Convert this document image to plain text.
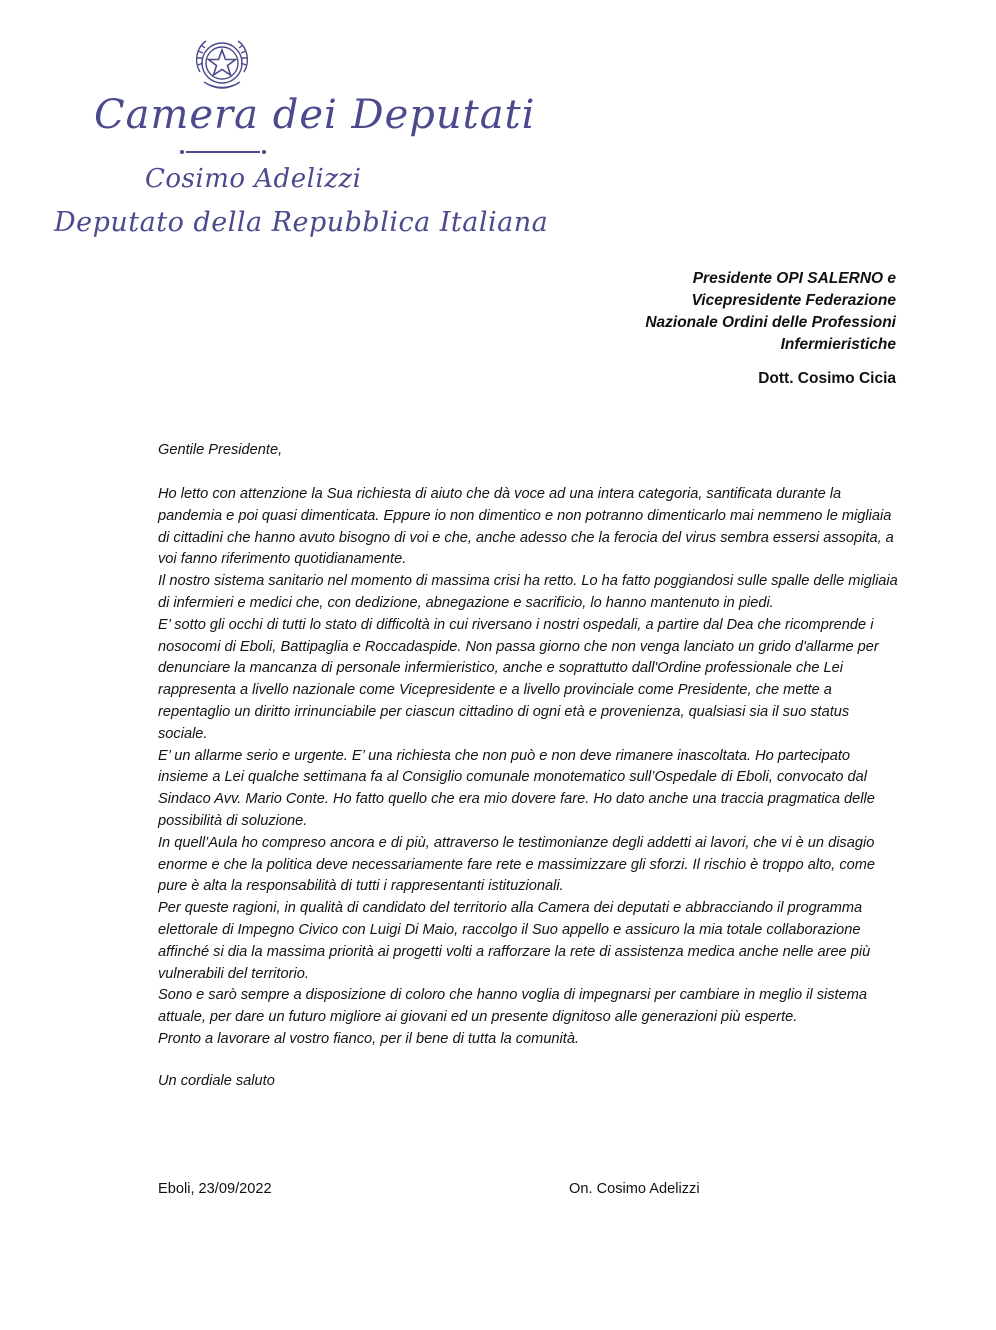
Camera dei Deputati
Cosimo Adelizzi
Deputato della Repubblica Italiana
Presidente OPI SALERNO e
Vicepresidente Federazione
Nazionale Ordini delle Professioni
Infermieristiche
Dott. Cosimo Cicia
Gentile Presidente,

Ho letto con attenzione la Sua richiesta di aiuto che dà voce ad una intera categoria, santificata durante la pandemia e poi quasi dimenticata. Eppure io non dimentico e non potranno dimenticarlo mai nemmeno le migliaia di cittadini che hanno avuto bisogno di voi e che, anche adesso che la ferocia del virus sembra essersi assopita, a voi fanno riferimento quotidianamente.

Il nostro sistema sanitario nel momento di massima crisi ha retto. Lo ha fatto poggiandosi sulle spalle delle migliaia di infermieri e medici che, con dedizione, abnegazione e sacrificio, lo hanno mantenuto in piedi.

E’ sotto gli occhi di tutti lo stato di difficoltà in cui riversano i nostri ospedali, a partire dal Dea che ricomprende i nosocomi di Eboli, Battipaglia e Roccadaspide. Non passa giorno che non venga lanciato un grido d'allarme per denunciare la mancanza di personale infermieristico, anche e soprattutto dall'Ordine professionale che Lei rappresenta a livello nazionale come Vicepresidente e a livello provinciale come Presidente, che mette a repentaglio un diritto irrinunciabile per ciascun cittadino di ogni età e provenienza, qualsiasi sia il suo status sociale.

E’ un allarme serio e urgente. E’ una richiesta che non può e non deve rimanere inascoltata. Ho partecipato insieme a Lei qualche settimana fa al Consiglio comunale monotematico sull’Ospedale di Eboli, convocato dal Sindaco Avv. Mario Conte. Ho fatto quello che era mio dovere fare. Ho dato anche una traccia pragmatica delle possibilità di soluzione.

In quell’Aula ho compreso ancora e di più, attraverso le testimonianze degli addetti ai lavori, che vi è un disagio enorme e che la politica deve necessariamente fare rete e massimizzare gli sforzi. Il rischio è troppo alto, come pure è alta la responsabilità di tutti i rappresentanti istituzionali.

Per queste ragioni, in qualità di candidato del territorio alla Camera dei deputati e abbracciando il programma elettorale di Impegno Civico con Luigi Di Maio, raccolgo il Suo appello e assicuro la mia totale collaborazione affinché si dia la massima priorità ai progetti volti a rafforzare la rete di assistenza medica anche nelle aree più vulnerabili del territorio.

Sono e sarò sempre a disposizione di coloro che hanno voglia di impegnarsi per cambiare in meglio il sistema attuale, per dare un futuro migliore ai giovani ed un presente dignitoso alle generazioni più esperte.

Pronto a lavorare al vostro fianco, per il bene di tutta la comunità.

Un cordiale saluto
Eboli, 23/09/2022	On. Cosimo Adelizzi
